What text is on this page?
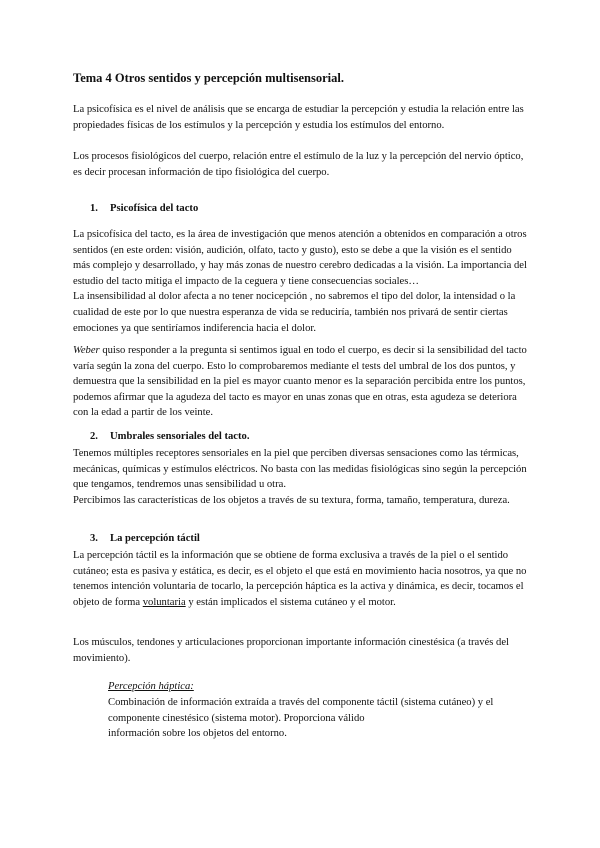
Tema 4 Otros sentidos y percepción multisensorial.

La psicofísica es el nivel de análisis que se encarga de estudiar la percepción y estudia la relación entre las propiedades físicas de los estímulos y la percepción y estudia los estímulos del entorno.

Los procesos fisiológicos del cuerpo, relación entre el estímulo de la luz y la percepción del nervio óptico, es decir procesan información de tipo fisiológica del cuerpo.

1. Psicofísica del tacto

La psicofísica del tacto, es la área de investigación que menos atención a obtenidos en comparación a otros sentidos (en este orden: visión, audición, olfato, tacto y gusto), esto se debe a que la visión es el sentido más complejo y desarrollado, y hay más zonas de nuestro cerebro dedicadas a la visión. La importancia del estudio del tacto mitiga el impacto de la ceguera y tiene consecuencias sociales…

La insensibilidad al dolor afecta a no tener nocicepción , no sabremos el tipo del dolor, la intensidad o la cualidad de este por lo que nuestra esperanza de vida se reduciría, también nos privará de sentir ciertas emociones ya que sentiríamos indiferencia hacia el dolor.

Weber quiso responder a la pregunta si sentimos igual en todo el cuerpo, es decir si la sensibilidad del tacto varía según la zona del cuerpo. Esto lo comprobaremos mediante el tests del umbral de los dos puntos, y demuestra que la sensibilidad en la piel es mayor cuanto menor es la separación percibida entre los puntos, podemos afirmar que la agudeza del tacto es mayor en unas zonas que en otras, esta agudeza se deteriora con la edad a partir de los veinte.

2. Umbrales sensoriales del tacto.

Tenemos múltiples receptores sensoriales en la piel que perciben diversas sensaciones como las térmicas, mecánicas, químicas y estímulos eléctricos. No basta con las medidas fisiológicas sino según la percepción que tengamos, tendremos unas sensibilidad u otra.

Percibimos las características de los objetos a través de su textura, forma, tamaño, temperatura, dureza.

3. La percepción táctil

La percepción táctil es la información que se obtiene de forma exclusiva a través de la piel o el sentido cutáneo; esta es pasiva y estática, es decir, es el objeto el que está en movimiento hacia nosotros, ya que no tenemos intención voluntaria de tocarlo, la percepción háptica es la activa y dinámica, es decir, tocamos el objeto de forma voluntaria y están implicados el sistema cutáneo y el motor.

Los músculos, tendones y articulaciones proporcionan importante información cinestésica (a través del movimiento).

Percepción háptica:

Combinación de información extraída a través del componente táctil (sistema cutáneo) y el componente cinestésico (sistema motor). Proporciona válido

información sobre los objetos del entorno.
